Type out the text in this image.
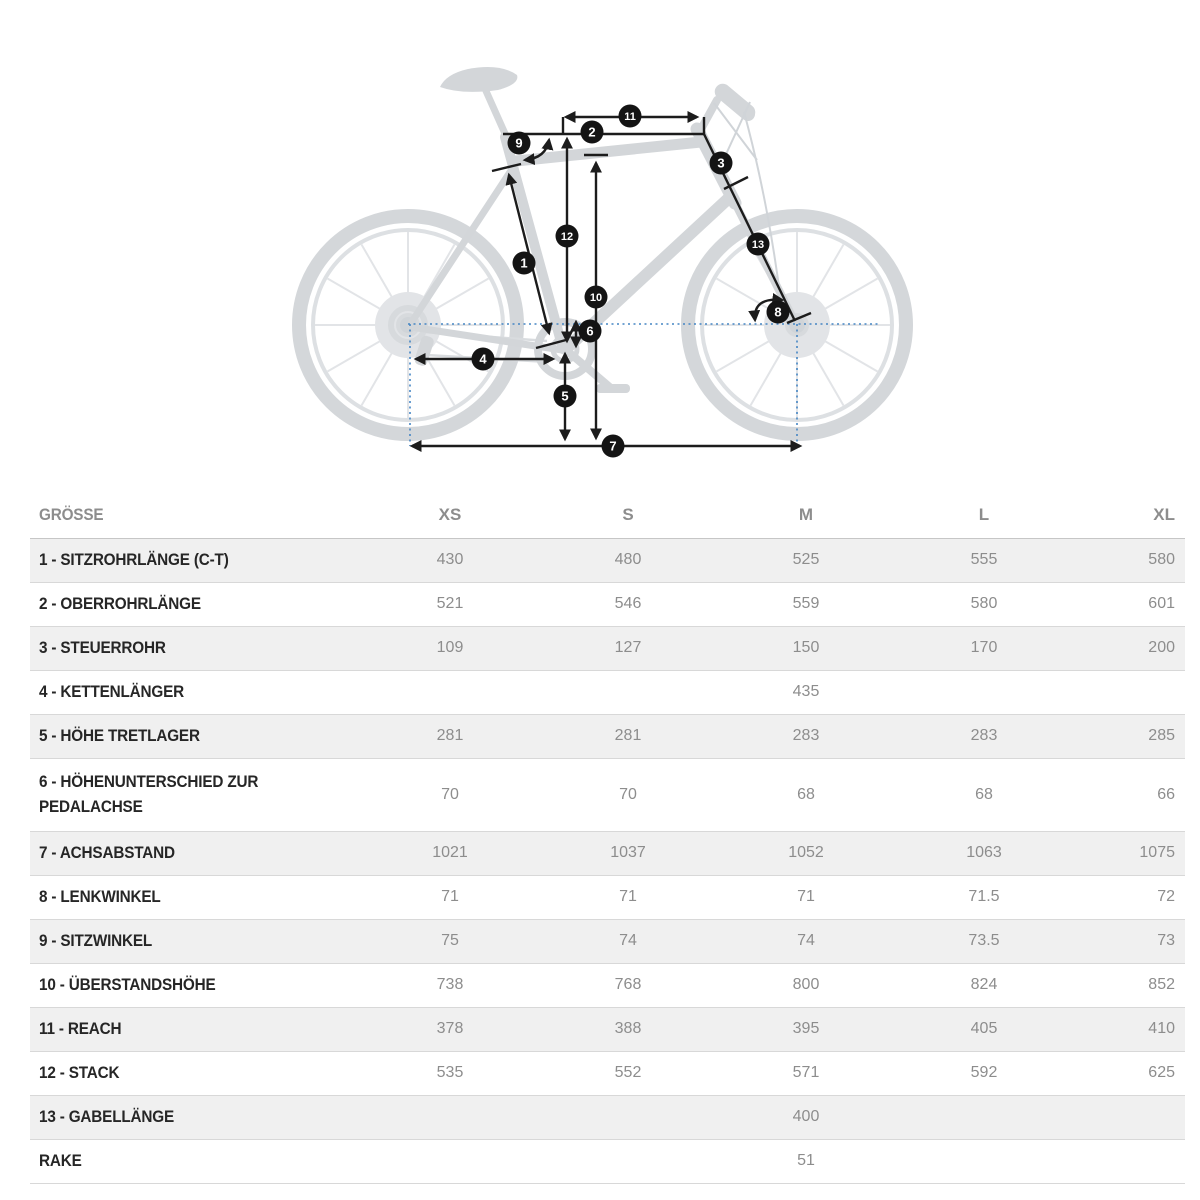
1
2
3
4
5
6
7
8
9
10
11
12
13
GRÖSSE	XS	S	M	L	XL
1 - SITZROHRLÄNGE (C-T)	430	480	525	555	580
2 - OBERROHRLÄNGE	521	546	559	580	601
3 - STEUERROHR	109	127	150	170	200
4 - KETTENLÄNGER			435		
5 - HÖHE TRETLAGER	281	281	283	283	285
6 - HÖHENUNTERSCHIED ZUR PEDALACHSE	70	70	68	68	66
7 - ACHSABSTAND	1021	1037	1052	1063	1075
8 - LENKWINKEL	71	71	71	71.5	72
9 - SITZWINKEL	75	74	74	73.5	73
10 - ÜBERSTANDSHÖHE	738	768	800	824	852
11 - REACH	378	388	395	405	410
12 - STACK	535	552	571	592	625
13 - GABELLÄNGE			400		
RAKE			51		
